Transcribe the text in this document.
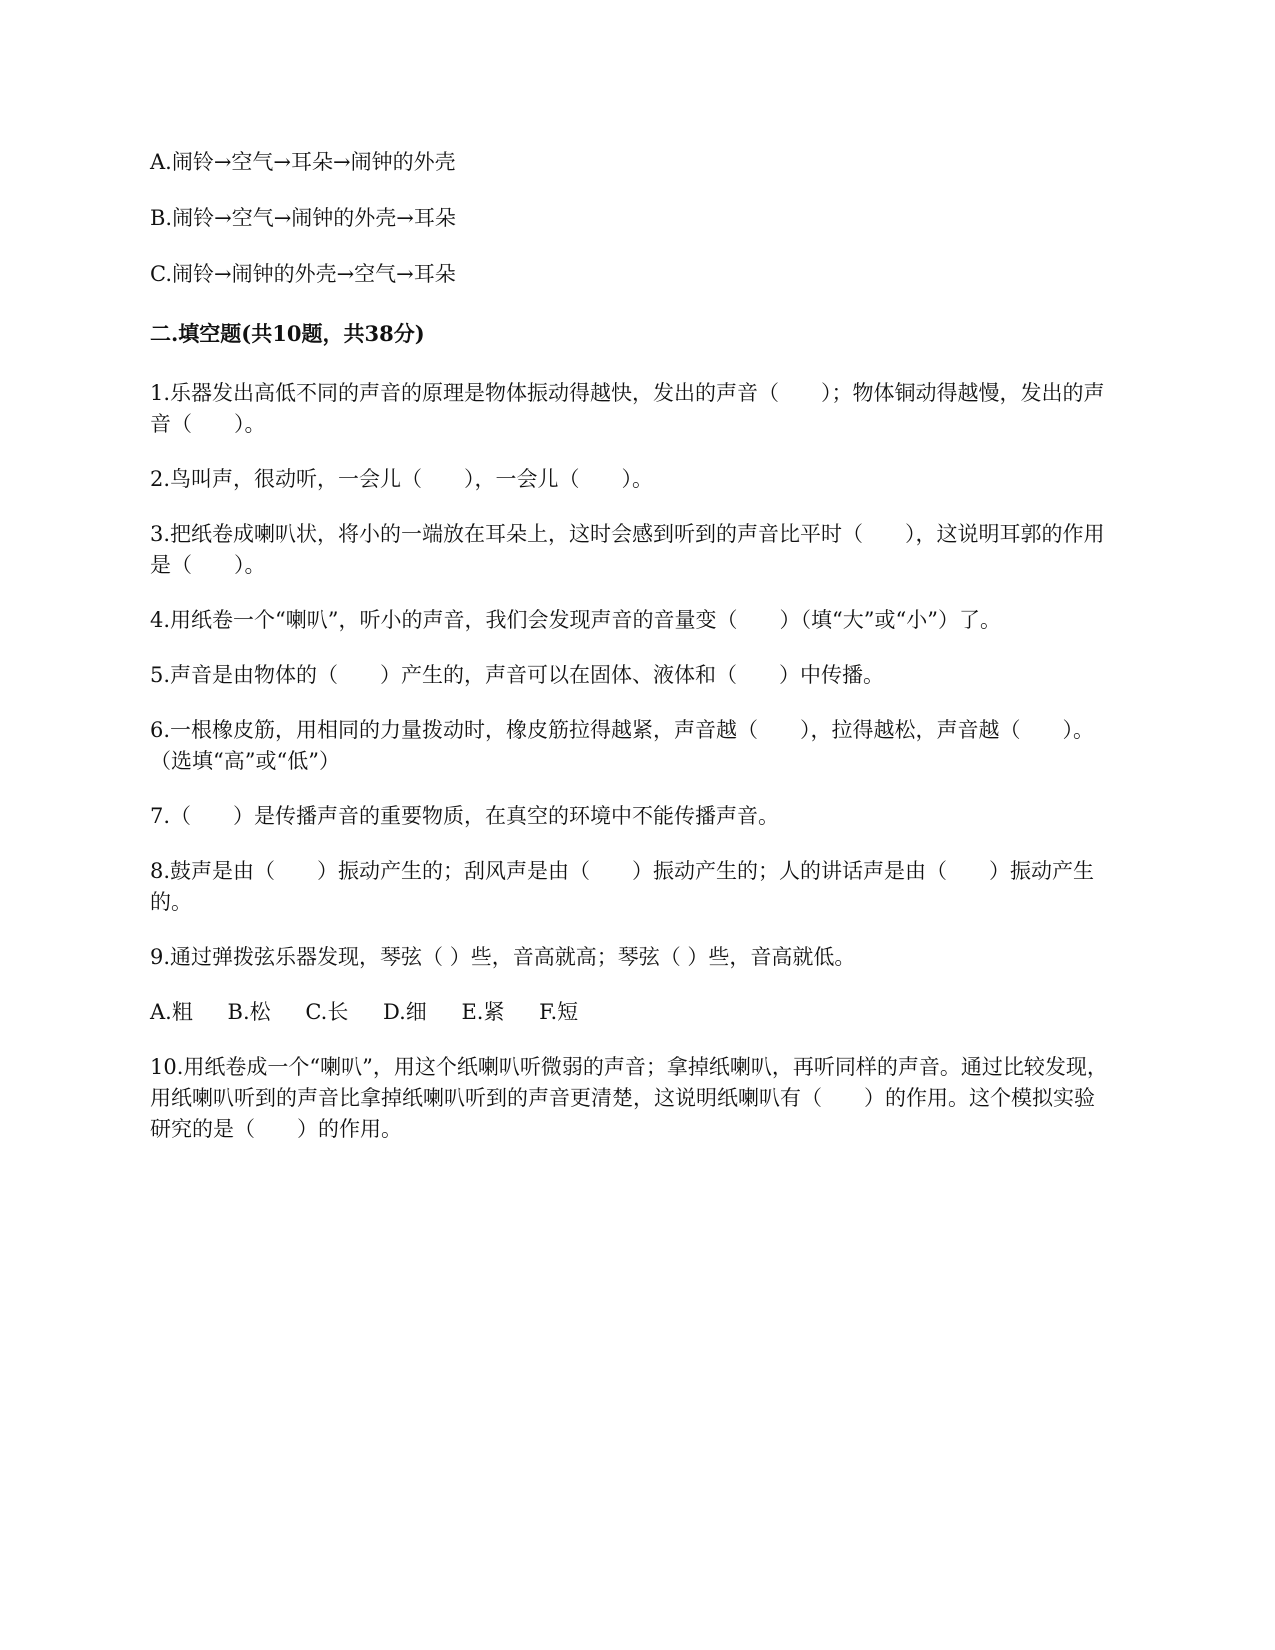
A.闹铃→空气→耳朵→闹钟的外壳
B.闹铃→空气→闹钟的外壳→耳朵
C.闹铃→闹钟的外壳→空气→耳朵
二.填空题(共10题，共38分)
1.乐器发出高低不同的声音的原理是物体振动得越快，发出的声音（　　）；物体铜动得越慢，发出的声音（　　）。
2.鸟叫声，很动听，一会儿（　　），一会儿（　　）。
3.把纸卷成喇叭状，将小的一端放在耳朵上，这时会感到听到的声音比平时（　　），这说明耳郭的作用是（　　）。
4.用纸卷一个“喇叭”，听小的声音，我们会发现声音的音量变（　　）（填“大”或“小”）了。
5.声音是由物体的（　　）产生的，声音可以在固体、液体和（　　）中传播。
6.一根橡皮筋，用相同的力量拨动时，橡皮筋拉得越紧，声音越（　　），拉得越松，声音越（　　）。（选填“高”或“低”）
7.（　　）是传播声音的重要物质，在真空的环境中不能传播声音。
8.鼓声是由（　　）振动产生的；刮风声是由（　　）振动产生的；人的讲话声是由（　　）振动产生的。
9.通过弹拨弦乐器发现，琴弦（ ）些，音高就高；琴弦（ ）些，音高就低。
A.粗 B.松 C.长 D.细 E.紧 F.短
10.用纸卷成一个“喇叭”，用这个纸喇叭听微弱的声音；拿掉纸喇叭，再听同样的声音。通过比较发现，用纸喇叭听到的声音比拿掉纸喇叭听到的声音更清楚，这说明纸喇叭有（　　）的作用。这个模拟实验研究的是（　　）的作用。
